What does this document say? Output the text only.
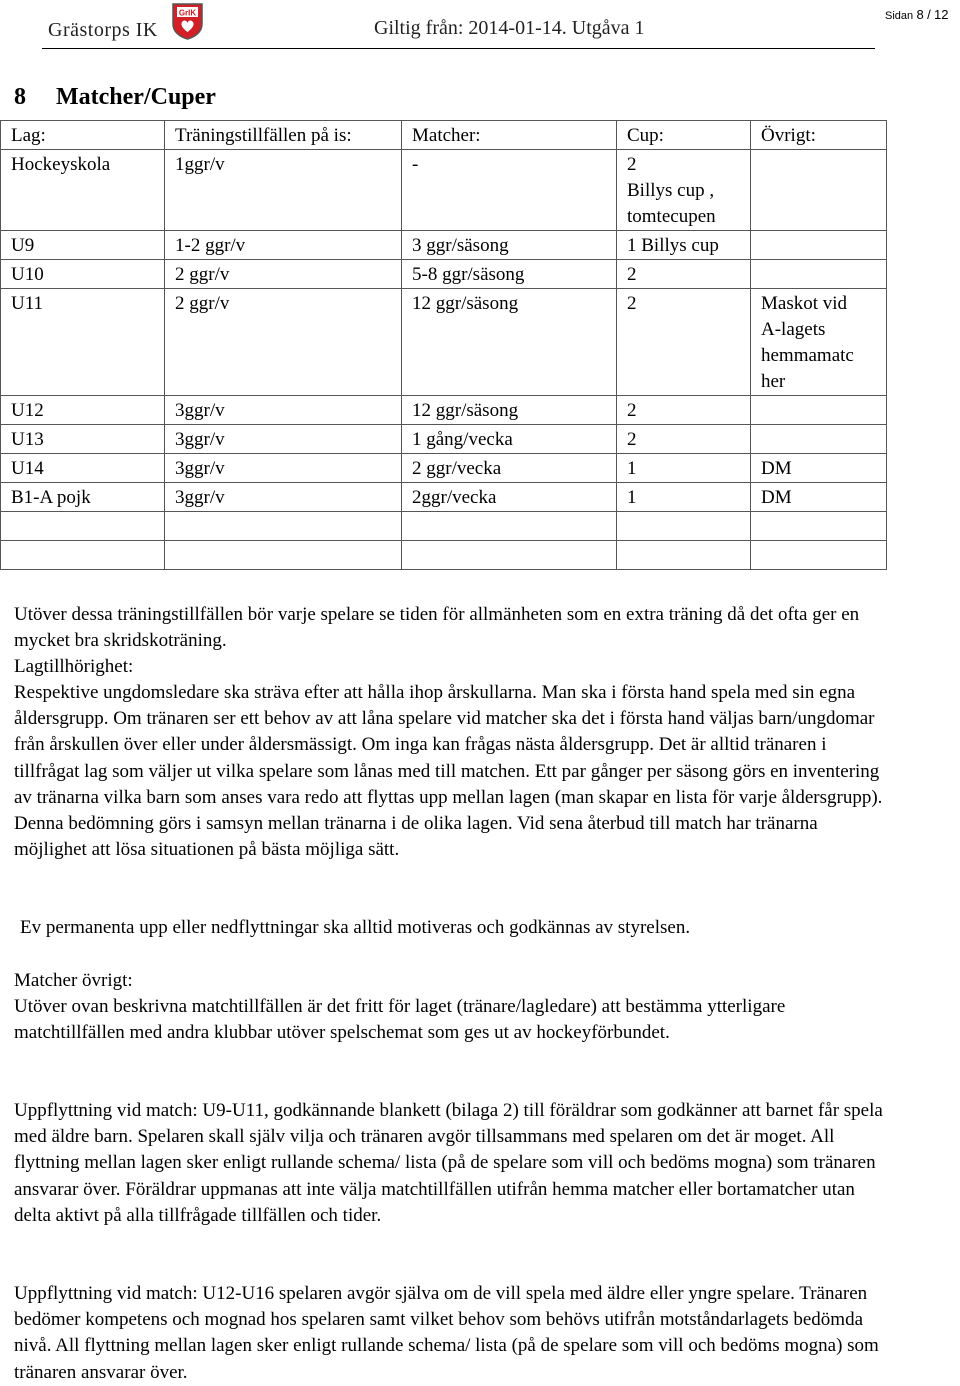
Grästorps IK
GrIK
Giltig från: 2014-01-14. Utgåva 1
Sidan 8 / 12
8 Matcher/Cuper
Lag:	Träningstillfällen på is:	Matcher:	Cup:	Övrigt:
Hockeyskola	1ggr/v	-	2
Billys cup ,
tomtecupen	
U9	1-2 ggr/v	3 ggr/säsong	1 Billys cup	
U10	2 ggr/v	5-8 ggr/säsong	2	
U11	2 ggr/v	12 ggr/säsong	2	Maskot vid
A-lagets
hemmamatc
her
U12	3ggr/v	12 ggr/säsong	2	
U13	3ggr/v	1 gång/vecka	2	
U14	3ggr/v	2 ggr/vecka	1	DM
B1-A pojk	3ggr/v	2ggr/vecka	1	DM

Utöver dessa träningstillfällen bör varje spelare se tiden för allmänheten som en extra träning då det ofta ger en mycket bra skridskoträning.

Lagtillhörighet:

Respektive ungdomsledare ska sträva efter att hålla ihop årskullarna. Man ska i första hand spela med sin egna åldersgrupp. Om tränaren ser ett behov av att låna spelare vid matcher ska det i första hand väljas barn/ungdomar från årskullen över eller under åldersmässigt. Om inga kan frågas nästa åldersgrupp. Det är alltid tränaren i tillfrågat lag som väljer ut vilka spelare som lånas med till matchen. Ett par gånger per säsong görs en inventering av tränarna vilka barn som anses vara redo att flyttas upp mellan lagen (man skapar en lista för varje åldersgrupp). Denna bedömning görs i samsyn mellan tränarna i de olika lagen. Vid sena återbud till match har tränarna möjlighet att lösa situationen på bästa möjliga sätt.

Ev permanenta upp eller nedflyttningar ska alltid motiveras och godkännas av styrelsen.

Matcher övrigt:

Utöver ovan beskrivna matchtillfällen är det fritt för laget (tränare/lagledare) att bestämma ytterligare matchtillfällen med andra klubbar utöver spelschemat som ges ut av hockeyförbundet.

Uppflyttning vid match: U9-U11, godkännande blankett (bilaga 2) till föräldrar som godkänner att barnet får spela med äldre barn. Spelaren skall själv vilja och tränaren avgör tillsammans med spelaren om det är moget. All flyttning mellan lagen sker enligt rullande schema/ lista (på de spelare som vill och bedöms mogna) som tränaren ansvarar över. Föräldrar uppmanas att inte välja matchtillfällen utifrån hemma matcher eller bortamatcher utan delta aktivt på alla tillfrågade tillfällen och tider.

Uppflyttning vid match: U12-U16 spelaren avgör själva om de vill spela med äldre eller yngre spelare. Tränaren bedömer kompetens och mognad hos spelaren samt vilket behov som behövs utifrån motståndarlagets bedömda nivå. All flyttning mellan lagen sker enligt rullande schema/ lista (på de spelare som vill och bedöms mogna) som tränaren ansvarar över.
